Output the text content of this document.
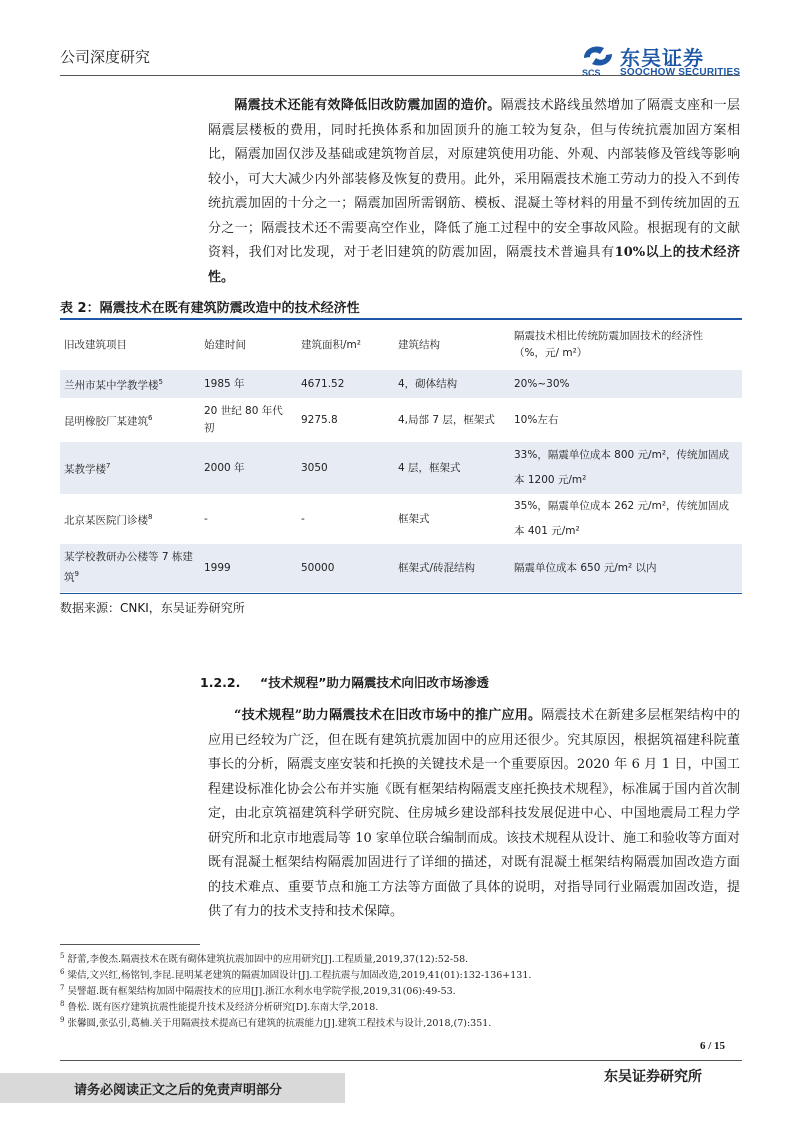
公司深度研究
SCS
东吴证券
SOOCHOW SECURITIES
隔震技术还能有效降低旧改防震加固的造价。隔震技术路线虽然增加了隔震支座和一层隔震层楼板的费用，同时托换体系和加固顶升的施工较为复杂，但与传统抗震加固方案相比，隔震加固仅涉及基础或建筑物首层，对原建筑使用功能、外观、内部装修及管线等影响较小，可大大减少内外部装修及恢复的费用。此外，采用隔震技术施工劳动力的投入不到传统抗震加固的十分之一；隔震加固所需钢筋、模板、混凝土等材料的用量不到传统加固的五分之一；隔震技术还不需要高空作业，降低了施工过程中的安全事故风险。根据现有的文献资料，我们对比发现，对于老旧建筑的防震加固，隔震技术普遍具有10%以上的技术经济性。
表 2：隔震技术在既有建筑防震改造中的技术经济性
旧改建筑项目	始建时间	建筑面积/m²	建筑结构	隔震技术相比传统防震加固技术的经济性
（%，元/ m²）

兰州市某中学教学楼$^5$	1985 年	4671.52	4，砌体结构	20%~30%
昆明橡胶厂某建筑$^6$	20 世纪 80 年代初	9275.8	4,局部 7 层，框架式	10%左右
某教学楼$^7$	2000 年	3050	4 层，框架式	33%，隔震单位成本 800 元/m²，传统加固成本 1200 元/m²
北京某医院门诊楼$^8$	-	-	框架式	35%，隔震单位成本 262 元/m²，传统加固成本 401 元/m²
某学校教研办公楼等 7 栋建筑$^9$	1999	50000	框架式/砖混结构	隔震单位成本 650 元/m² 以内
数据来源：CNKI，东吴证券研究所
1.2.2. “技术规程”助力隔震技术向旧改市场渗透
“技术规程”助力隔震技术在旧改市场中的推广应用。隔震技术在新建多层框架结构中的应用已经较为广泛，但在既有建筑抗震加固中的应用还很少。究其原因，根据筑福建科院董事长的分析，隔震支座安装和托换的关键技术是一个重要原因。2020 年 6 月 1 日，中国工程建设标准化协会公布并实施《既有框架结构隔震支座托换技术规程》，标准属于国内首次制定，由北京筑福建筑科学研究院、住房城乡建设部科技发展促进中心、中国地震局工程力学研究所和北京市地震局等 10 家单位联合编制而成。该技术规程从设计、施工和验收等方面对既有混凝土框架结构隔震加固进行了详细的描述，对既有混凝土框架结构隔震加固改造方面的技术难点、重要节点和施工方法等方面做了具体的说明，对指导同行业隔震加固改造，提供了有力的技术支持和技术保障。
$^5$ 舒蕾,李俊杰.隔震技术在既有砌体建筑抗震加固中的应用研究[J].工程质量,2019,37(12):52-58.
$^6$ 梁佶,文兴红,杨铭钊,李昆.昆明某老建筑的隔震加固设计[J].工程抗震与加固改造,2019,41(01):132-136+131.
$^7$ 吴譬超.既有框架结构加固中隔震技术的应用[J].浙江水利水电学院学报,2019,31(06):49-53.
$^8$ 鲁松. 既有医疗建筑抗震性能提升技术及经济分析研究[D].东南大学,2018.
$^9$ 张馨圆,张弘引,葛楠.关于用隔震技术提高已有建筑的抗震能力[J].建筑工程技术与设计,2018,(7):351.
6 / 15
请务必阅读正文之后的免责声明部分
东吴证券研究所
